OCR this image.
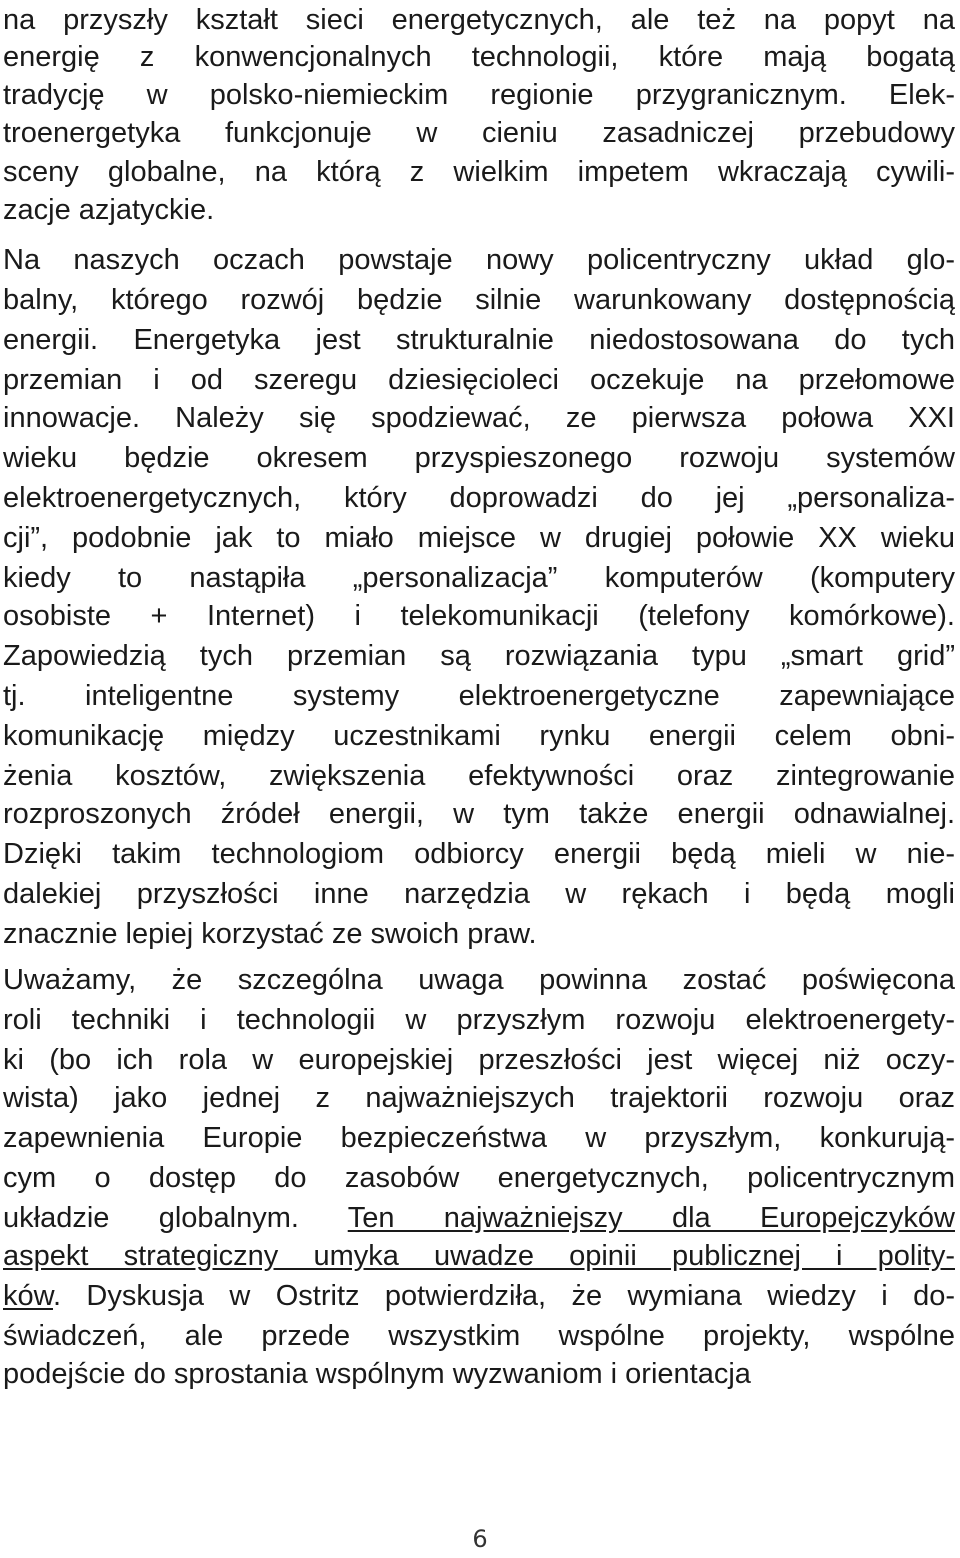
na przyszły kształt sieci energetycznych, ale też na popyt na
energię z konwencjonalnych technologii, które mają bogatą
tradycję w polsko-niemieckim regionie przygranicznym. Elek-
troenergetyka funkcjonuje w cieniu zasadniczej przebudowy
sceny globalne, na którą z wielkim impetem wkraczają cywili-
zacje azjatyckie.
Na naszych oczach powstaje nowy policentryczny układ glo-
balny, którego rozwój będzie silnie warunkowany dostępnością
energii. Energetyka jest strukturalnie niedostosowana do tych
przemian i od szeregu dziesięcioleci oczekuje na przełomowe
innowacje. Należy się spodziewać, ze pierwsza połowa XXI
wieku będzie okresem przyspieszonego rozwoju systemów
elektroenergetycznych, który doprowadzi do jej „personaliza-
cji”, podobnie jak to miało miejsce w drugiej połowie XX wieku
kiedy to nastąpiła „personalizacja” komputerów (komputery
osobiste + Internet) i telekomunikacji (telefony komórkowe).
Zapowiedzią tych przemian są rozwiązania typu „smart grid”
tj. inteligentne systemy elektroenergetyczne zapewniające
komunikację między uczestnikami rynku energii celem obni-
żenia kosztów, zwiększenia efektywności oraz zintegrowanie
rozproszonych źródeł energii, w tym także energii odnawialnej.
Dzięki takim technologiom odbiorcy energii będą mieli w nie-
dalekiej przyszłości inne narzędzia w rękach i będą mogli
znacznie lepiej korzystać ze swoich praw.
Uważamy, że szczególna uwaga powinna zostać poświęcona
roli techniki i technologii w przyszłym rozwoju elektroenergety-
ki (bo ich rola w europejskiej przeszłości jest więcej niż oczy-
wista) jako jednej z najważniejszych trajektorii rozwoju oraz
zapewnienia Europie bezpieczeństwa w przyszłym, konkurują-
cym o dostęp do zasobów energetycznych, policentrycznym
układzie globalnym. Ten najważniejszy dla Europejczyków
aspekt strategiczny umyka uwadze opinii publicznej i polity-
ków. Dyskusja w Ostritz potwierdziła, że wymiana wiedzy i do-
świadczeń, ale przede wszystkim wspólne projekty, wspólne
podejście do sprostania wspólnym wyzwaniom i orientacja
6
